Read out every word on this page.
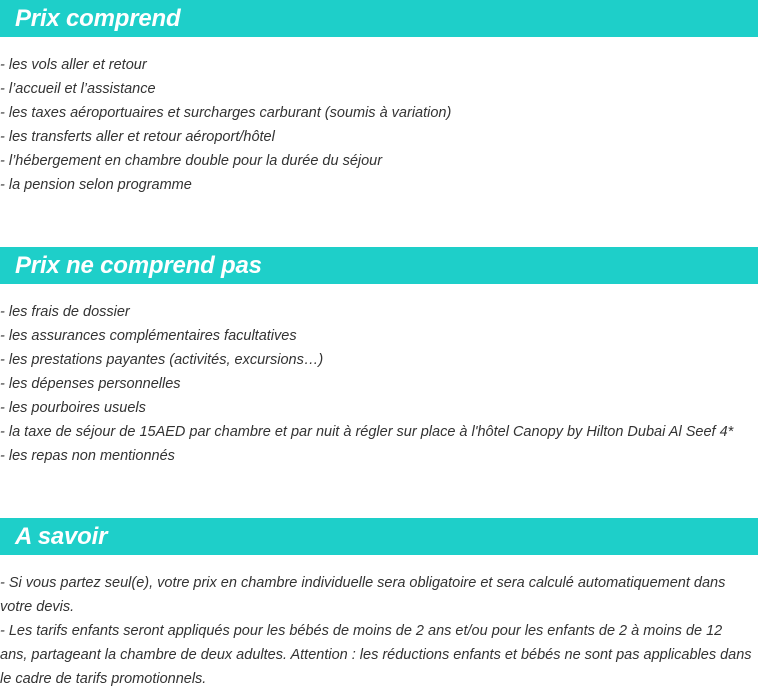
Prix comprend
- les vols aller et retour
- l’accueil et l’assistance
- les taxes aéroportuaires et surcharges carburant (soumis à variation)
- les transferts aller et retour aéroport/hôtel
- l’hébergement en chambre double pour la durée du séjour
- la pension selon programme
Prix ne comprend pas
- les frais de dossier
- les assurances complémentaires facultatives
- les prestations payantes (activités, excursions…)
- les dépenses personnelles
- les pourboires usuels
- la taxe de séjour de 15AED par chambre et par nuit à régler sur place à l'hôtel Canopy by Hilton Dubai Al Seef 4*
- les repas non mentionnés
A savoir

- Si vous partez seul(e), votre prix en chambre individuelle sera obligatoire et sera calculé automatiquement dans votre devis.

- Les tarifs enfants seront appliqués pour les bébés de moins de 2 ans et/ou pour les enfants de 2 à moins de 12 ans, partageant la chambre de deux adultes. Attention : les réductions enfants et bébés ne sont pas applicables dans le cadre de tarifs promotionnels.
